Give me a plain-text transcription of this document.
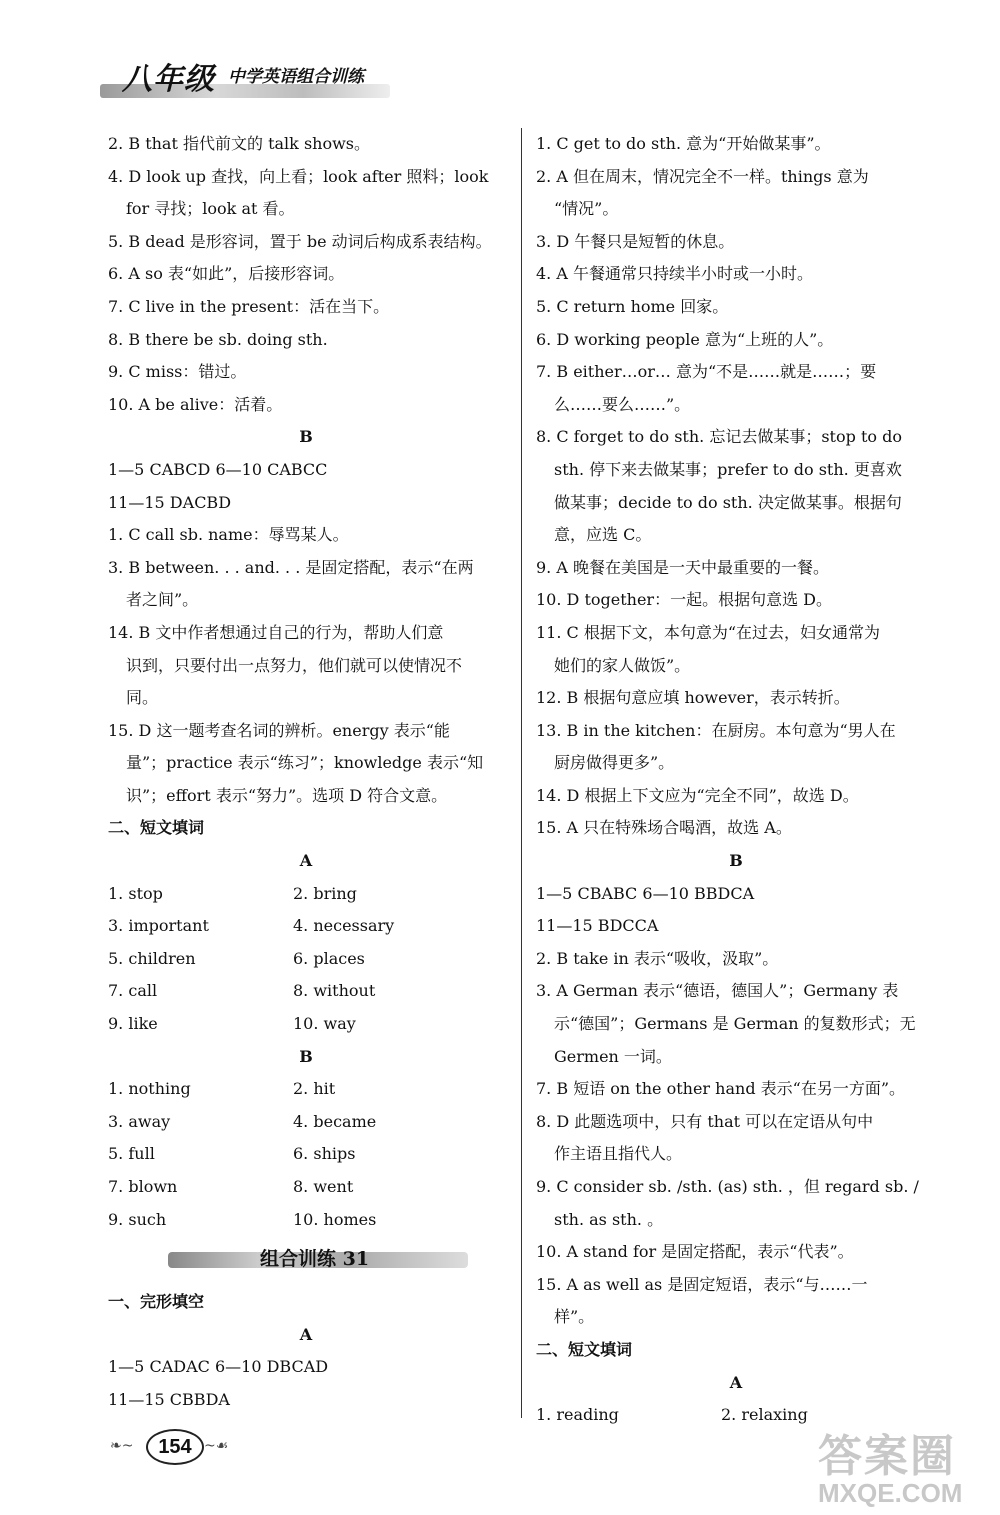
八年级 中学英语组合训练
2. B that 指代前文的 talk shows。
4. D look up 查找，向上看；look after 照料；look
for 寻找；look at 看。
5. B dead 是形容词，置于 be 动词后构成系表结构。
6. A so 表“如此”，后接形容词。
7. C live in the present：活在当下。
8. B there be sb. doing sth.
9. C miss：错过。
10. A be alive：活着。
B
1—5 CABCD 6—10 CABCC
11—15 DACBD
1. C call sb. name：辱骂某人。
3. B between. . . and. . . 是固定搭配，表示“在两
者之间”。
14. B 文中作者想通过自己的行为，帮助人们意
识到，只要付出一点努力，他们就可以使情况不
同。
15. D 这一题考查名词的辨析。energy 表示“能
量”；practice 表示“练习”；knowledge 表示“知
识”；effort 表示“努力”。选项 D 符合文意。
二、短文填词
A
1. stop	2. bring
3. important	4. necessary
5. children	6. places
7. call	8. without
9. like	10. way
B
1. nothing	2. hit
3. away	4. became
5. full	6. ships
7. blown	8. went
9. such	10. homes
组合训练 31
一、完形填空
A
1—5 CADAC 6—10 DBCAD
11—15 CBBDA
1. C get to do sth. 意为“开始做某事”。
2. A 但在周末，情况完全不一样。things 意为
“情况”。
3. D 午餐只是短暂的休息。
4. A 午餐通常只持续半小时或一小时。
5. C return home 回家。
6. D working people 意为“上班的人”。
7. B either…or… 意为“不是……就是……；要
么……要么……”。
8. C forget to do sth. 忘记去做某事；stop to do
sth. 停下来去做某事；prefer to do sth. 更喜欢
做某事；decide to do sth. 决定做某事。根据句
意，应选 C。
9. A 晚餐在美国是一天中最重要的一餐。
10. D together：一起。根据句意选 D。
11. C 根据下文，本句意为“在过去，妇女通常为
她们的家人做饭”。
12. B 根据句意应填 however，表示转折。
13. B in the kitchen：在厨房。本句意为“男人在
厨房做得更多”。
14. D 根据上下文应为“完全不同”，故选 D。
15. A 只在特殊场合喝酒，故选 A。
B
1—5 CBABC 6—10 BBDCA
11—15 BDCCA
2. B take in 表示“吸收，汲取”。
3. A German 表示“德语，德国人”；Germany 表
示“德国”；Germans 是 German 的复数形式；无
Germen 一词。
7. B 短语 on the other hand 表示“在另一方面”。
8. D 此题选项中，只有 that 可以在定语从句中
作主语且指代人。
9. C consider sb. /sth. (as) sth. ，但 regard sb. /
sth. as sth. 。
10. A stand for 是固定搭配，表示“代表”。
15. A as well as 是固定短语，表示“与……一
样”。
二、短文填词
A
1. reading	2. relaxing
❧~	154 ~☙	答案圈
MXQE.COM
